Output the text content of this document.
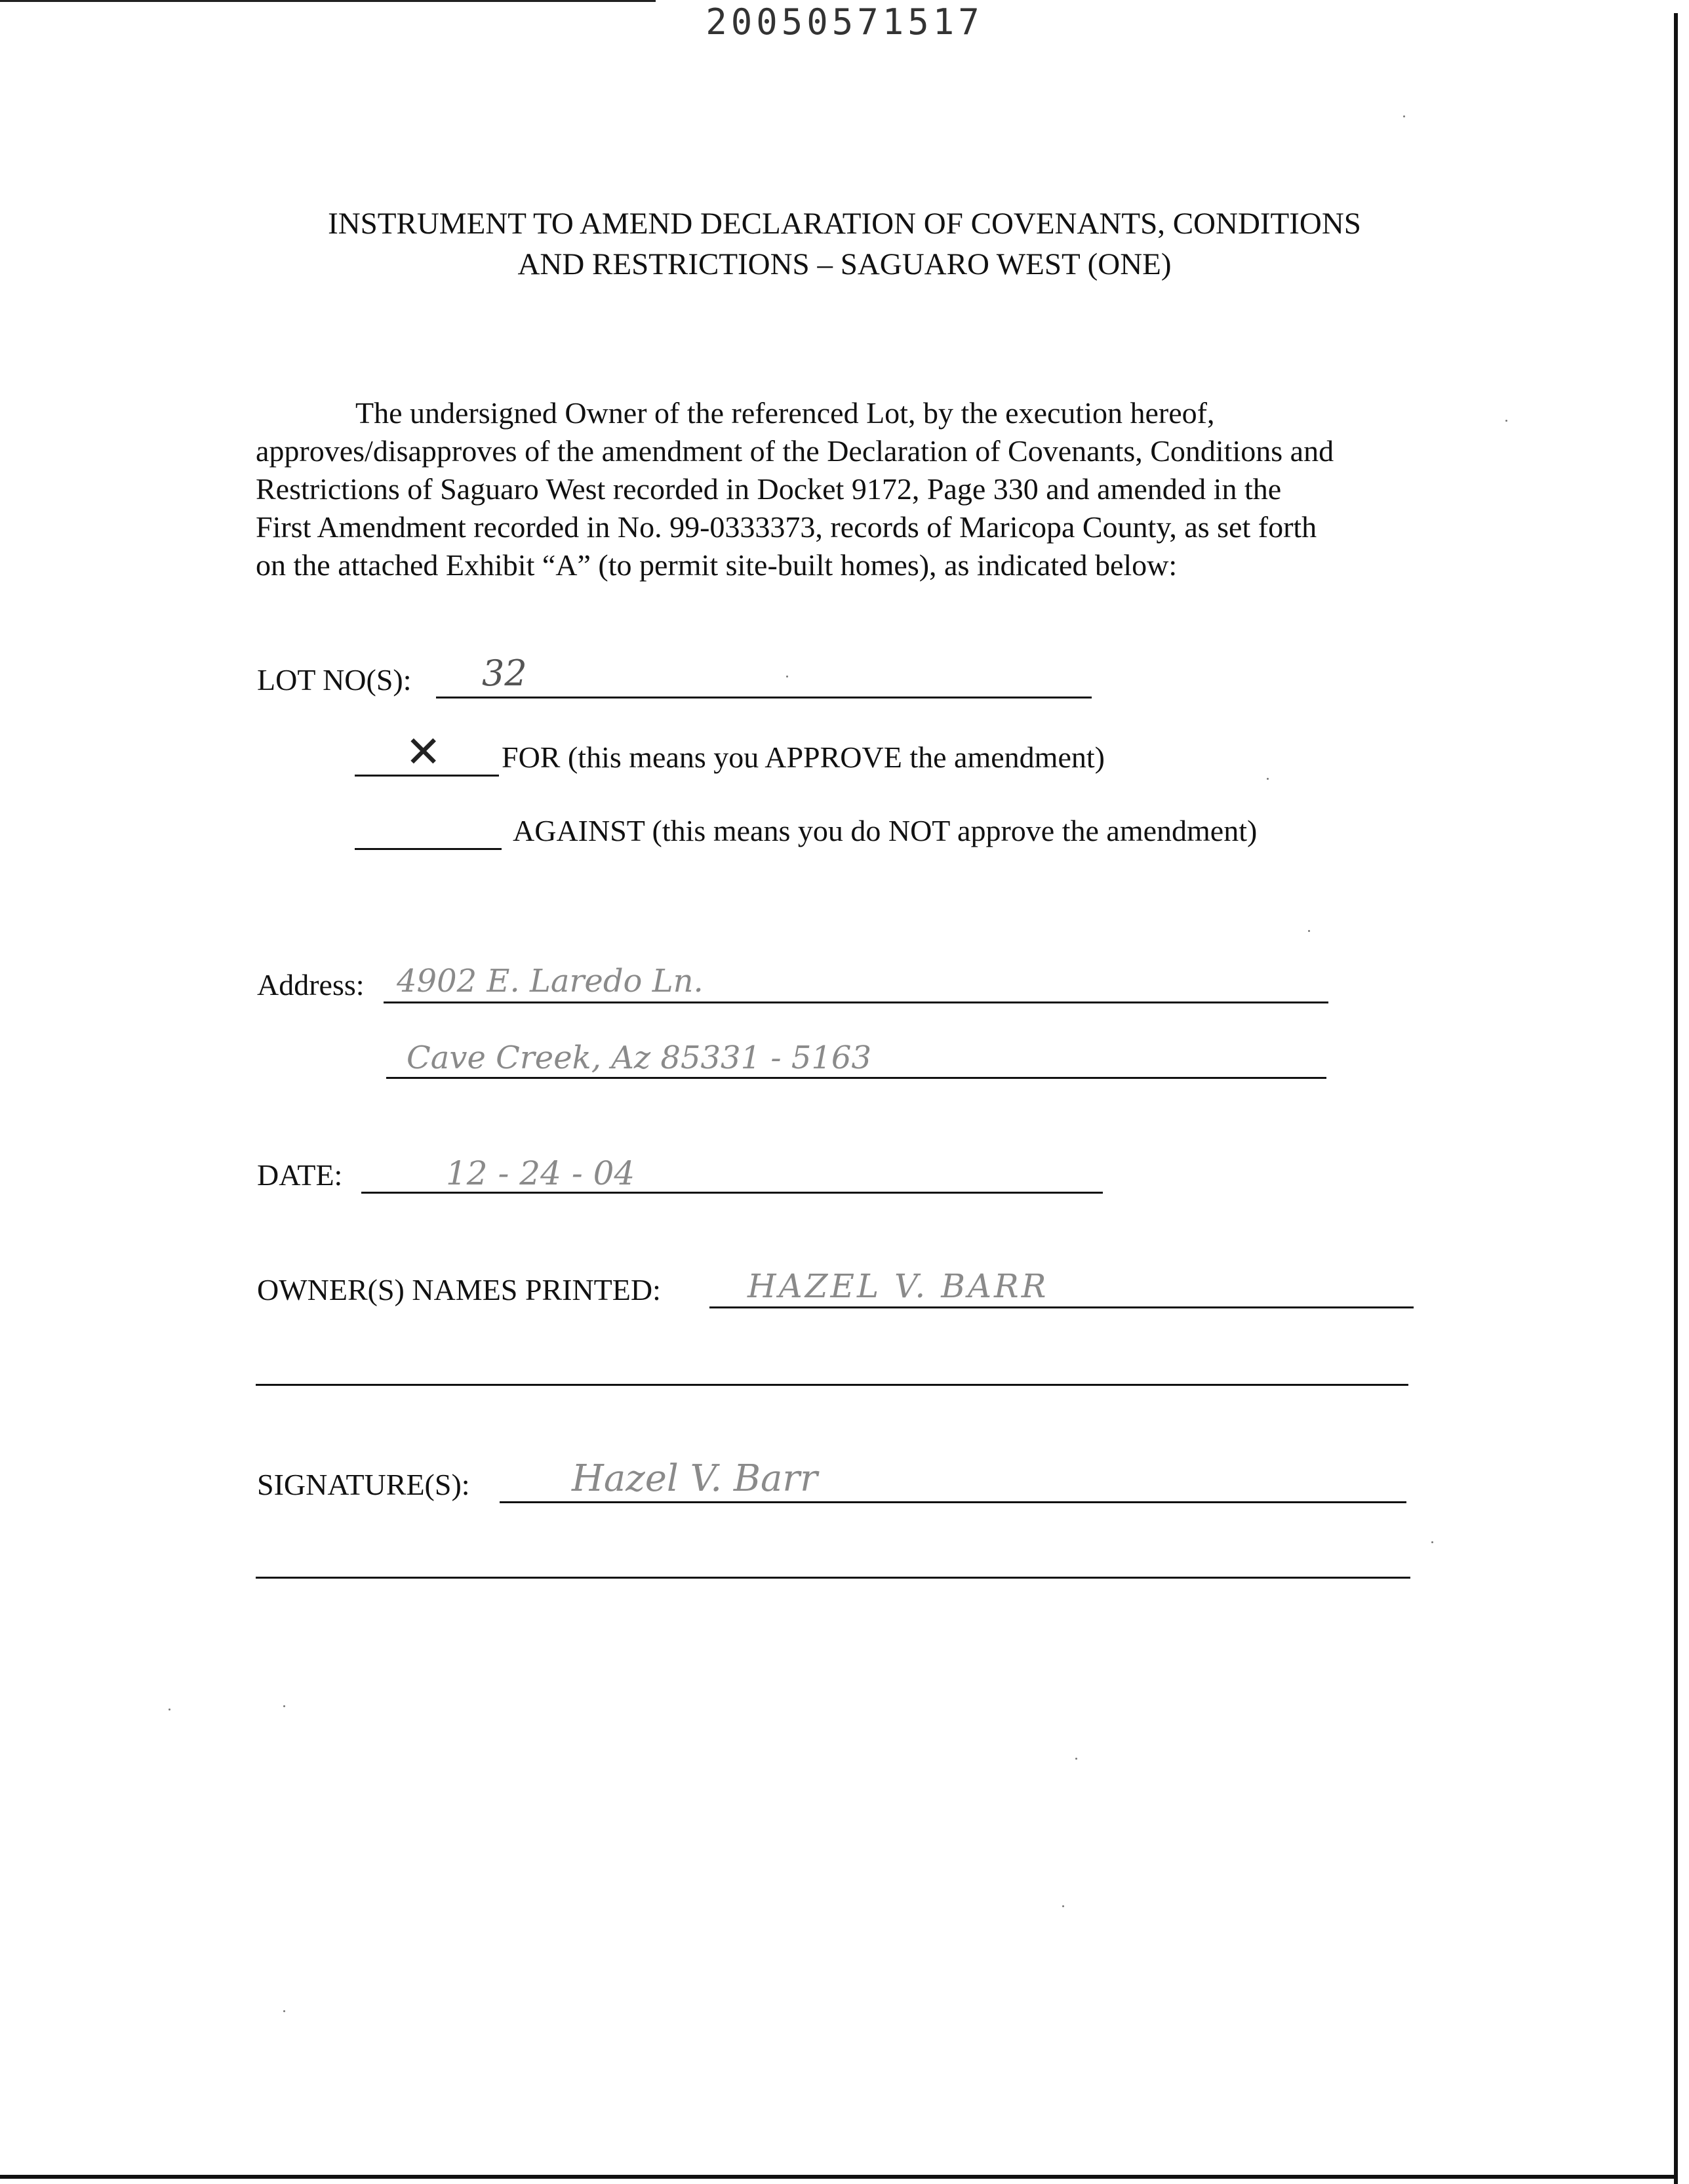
20050571517
INSTRUMENT TO AMEND DECLARATION OF COVENANTS, CONDITIONS
AND RESTRICTIONS – SAGUARO WEST (ONE)
The undersigned Owner of the referenced Lot, by the execution hereof,
approves/disapproves of the amendment of the Declaration of Covenants, Conditions and
Restrictions of Saguaro West recorded in Docket 9172, Page 330 and amended in the
First Amendment recorded in No. 99-0333373, records of Maricopa County, as set forth
on the attached Exhibit “A” (to permit site-built homes), as indicated below:
LOT NO(S): 32
✕ FOR (this means you APPROVE the amendment)
AGAINST (this means you do NOT approve the amendment)
Address: 4902 E. Laredo Ln.
Cave Creek, Az 85331 - 5163
DATE:	12 - 24 - 04
OWNER(S) NAMES PRINTED:	HAZEL V. BARR
SIGNATURE(S):	Hazel V. Barr
